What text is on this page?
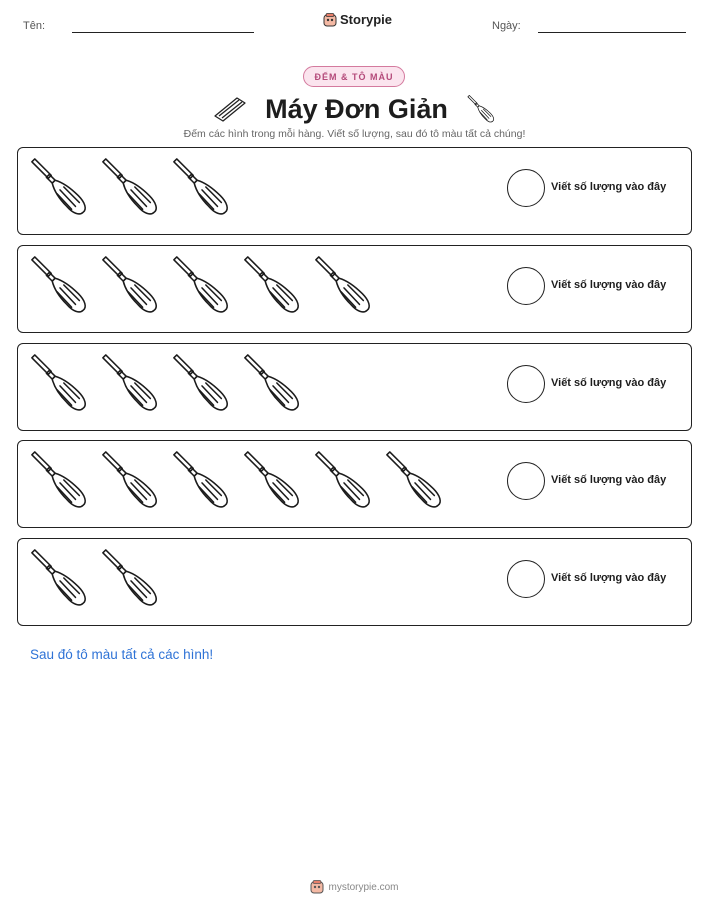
Tên:	Storypie	Ngày:
ĐẾM & TÔ MÀU
Máy Đơn Giản
Đếm các hình trong mỗi hàng. Viết số lượng, sau đó tô màu tất cả chúng!
Viết số lượng vào đây
Viết số lượng vào đây
Viết số lượng vào đây
Viết số lượng vào đây
Viết số lượng vào đây
Sau đó tô màu tất cả các hình!
mystorypie.com
